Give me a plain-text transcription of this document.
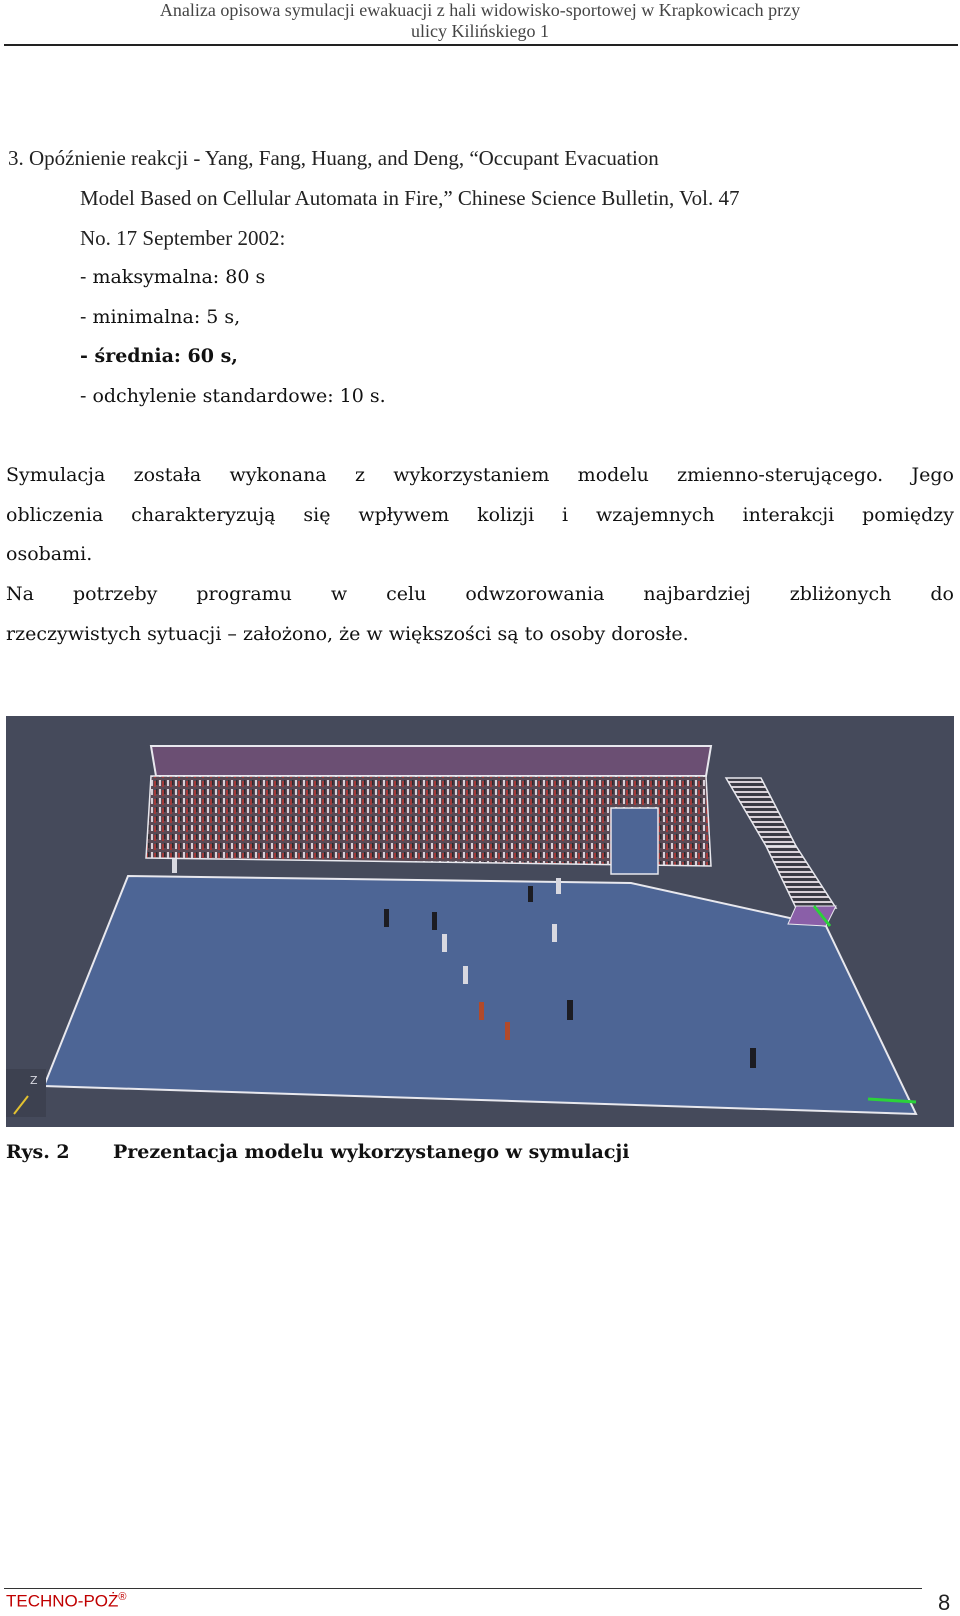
Analiza opisowa symulacji ewakuacji z hali widowisko-sportowej w Krapkowicach przy
ulicy Kilińskiego 1
3. Opóźnienie reakcji - Yang, Fang, Huang, and Deng, “Occupant Evacuation
Model Based on Cellular Automata in Fire,” Chinese Science Bulletin, Vol. 47
No. 17 September 2002:
- maksymalna: 80 s
- minimalna: 5 s,
- średnia: 60 s,
- odchylenie standardowe: 10 s.
Symulacja została wykonana z wykorzystaniem modelu zmienno-sterującego. Jego
obliczenia charakteryzują się wpływem kolizji i wzajemnych interakcji pomiędzy
osobami.
Na potrzeby programu w celu odwzorowania najbardziej zbliżonych do
rzeczywistych sytuacji – założono, że w większości są to osoby dorosłe.
Z
Rys. 2 Prezentacja modelu wykorzystanego w symulacji
TECHNO-POŻ®	8
